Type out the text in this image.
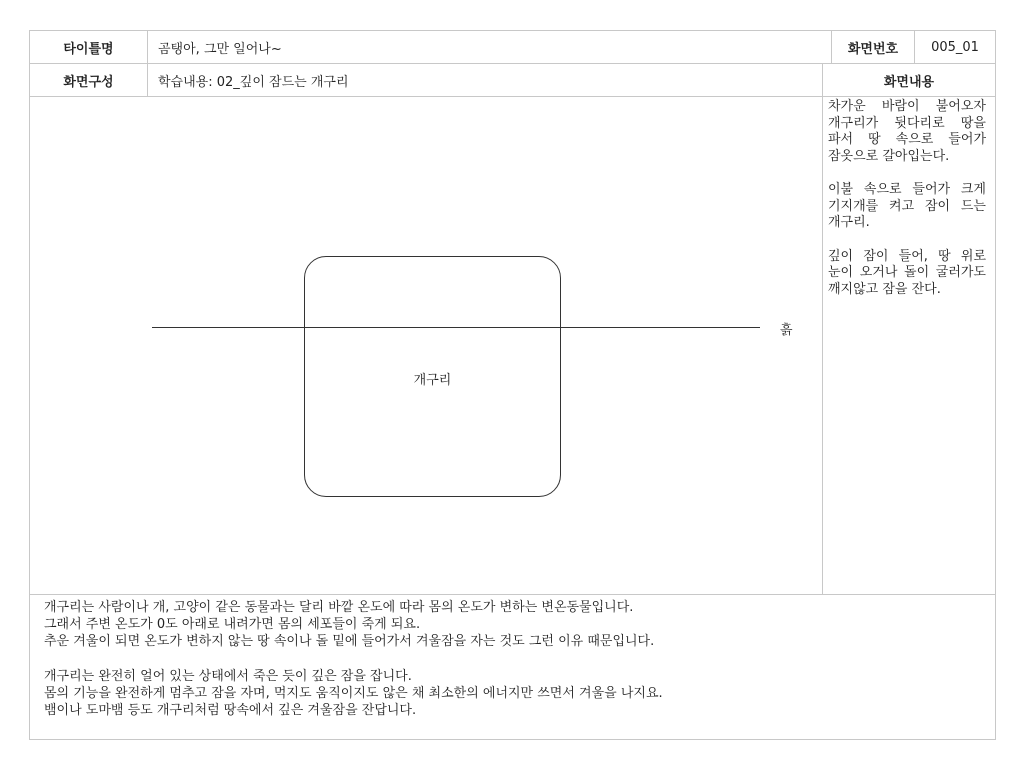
타이틀명	곰탱아, 그만 일어나~	화면번호	005_01
화면구성	학습내용: 02_깊이 잠드는 개구리	화면내용
흙
개구리

차가운 바람이 불어오자 개구리가 뒷다리로 땅을 파서 땅 속으로 들어가 잠옷으로 갈아입는다.

이불 속으로 들어가 크게 기지개를 켜고 잠이 드는 개구리.

깊이 잠이 들어, 땅 위로 눈이 오거나 돌이 굴러가도 깨지않고 잠을 잔다.

개구리는 사람이나 개, 고양이 같은 동물과는 달리 바깥 온도에 따라 몸의 온도가 변하는 변온동물입니다.

그래서 주변 온도가 0도 아래로 내려가면 몸의 세포들이 죽게 되요.

추운 겨울이 되면 온도가 변하지 않는 땅 속이나 돌 밑에 들어가서 겨울잠을 자는 것도 그런 이유 때문입니다.

개구리는 완전히 얼어 있는 상태에서 죽은 듯이 깊은 잠을 잡니다.

몸의 기능을 완전하게 멈추고 잠을 자며, 먹지도 움직이지도 않은 채 최소한의 에너지만 쓰면서 겨울을 나지요.

뱀이나 도마뱀 등도 개구리처럼 땅속에서 깊은 겨울잠을 잔답니다.
